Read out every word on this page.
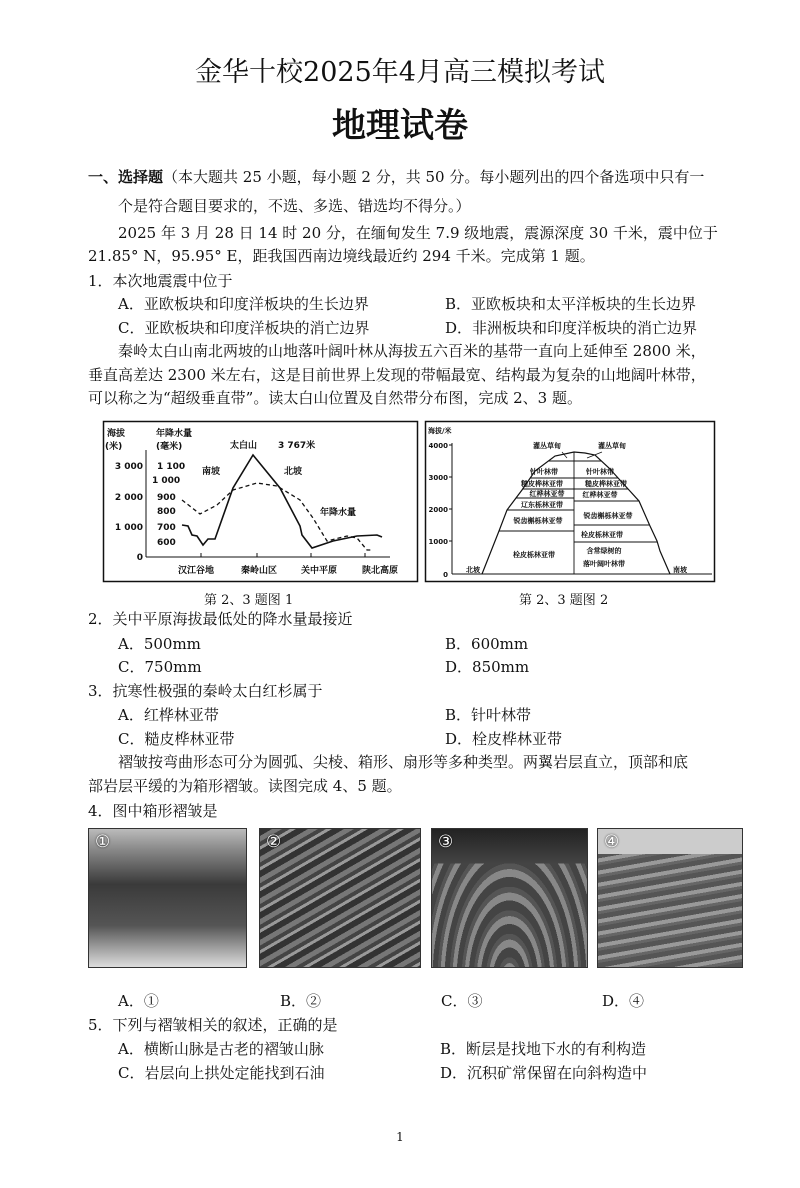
金华十校2025年4月高三模拟考试
地理试卷
一、选择题（本大题共 25 小题，每小题 2 分，共 50 分。每小题列出的四个备选项中只有一
个是符合题目要求的，不选、多选、错选均不得分。）
2025 年 3 月 28 日 14 时 20 分，在缅甸发生 7.9 级地震，震源深度 30 千米，震中位于
21.85° N，95.95° E，距我国西南边境线最近约 294 千米。完成第 1 题。
1．本次地震震中位于
A．亚欧板块和印度洋板块的生长边界	B．亚欧板块和太平洋板块的生长边界
C．亚欧板块和印度洋板块的消亡边界	D．非洲板块和印度洋板块的消亡边界
秦岭太白山南北两坡的山地落叶阔叶林从海拔五六百米的基带一直向上延伸至 2800 米，
垂直高差达 2300 米左右，这是目前世界上发现的带幅最宽、结构最为复杂的山地阔叶林带，
可以称之为“超级垂直带”。读太白山位置及自然带分布图，完成 2、3 题。
海拔
(米)
年降水量
(毫米)	太白山 3 767米
南坡	北坡
年降水量
3 000
2 000
1 000
0
1 100
1 000
900
800
700
600
汉江谷地	秦岭山区	关中平原	陕北高原
海拔/米
4000
3000
2000
1000
0
灌丛草甸	灌丛草甸
针叶林带
糙皮桦林亚带
红桦林亚带
辽东栎林亚带
锐齿槲栎林亚带
栓皮栎林亚带
针叶林带
糙皮桦林亚带
红桦林亚带
锐齿槲栎林亚带
栓皮栎林亚带
含常绿树的
落叶阔叶林带
北坡	南坡
第 2、3 题图 1	第 2、3 题图 2
2．关中平原海拔最低处的降水量最接近
A．500mm	B．600mm
C．750mm	D．850mm
3．抗寒性极强的秦岭太白红杉属于
A．红桦林亚带	B．针叶林带
C．糙皮桦林亚带	D．栓皮桦林亚带
褶皱按弯曲形态可分为圆弧、尖棱、箱形、扇形等多种类型。两翼岩层直立，顶部和底
部岩层平缓的为箱形褶皱。读图完成 4、5 题。
4．图中箱形褶皱是
①	②	③	④
A．①	B．②	C．③	D．④
5．下列与褶皱相关的叙述，正确的是
A．横断山脉是古老的褶皱山脉	B．断层是找地下水的有利构造
C．岩层向上拱处定能找到石油	D．沉积矿常保留在向斜构造中
1
